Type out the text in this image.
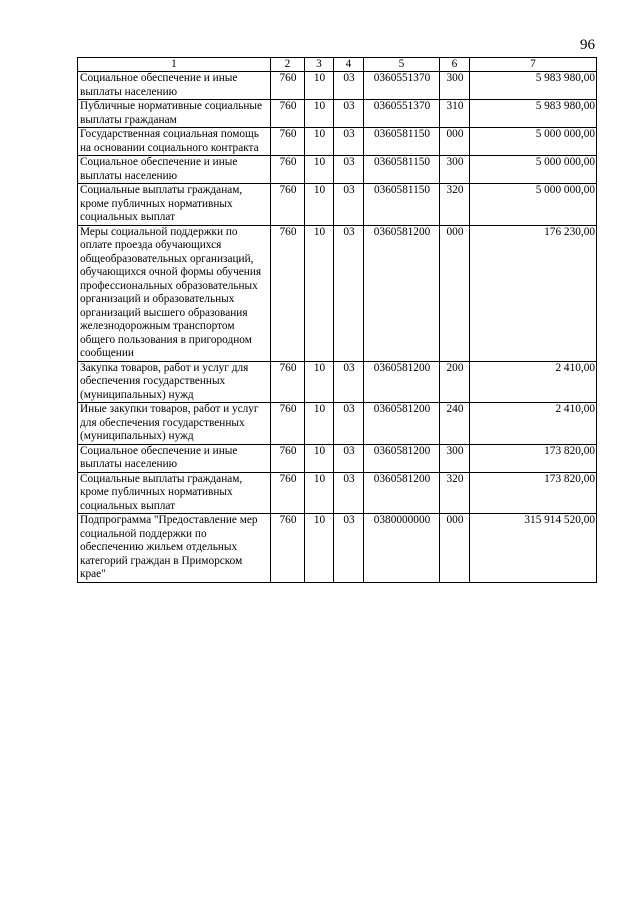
96
1	2	3	4	5	6	7
Социальное обеспечение и иные выплаты населению	760	10	03	0360551370	300	5 983 980,00
Публичные нормативные социальные выплаты гражданам	760	10	03	0360551370	310	5 983 980,00
Государственная социальная помощь на основании социального контракта	760	10	03	0360581150	000	5 000 000,00
Социальное обеспечение и иные выплаты населению	760	10	03	0360581150	300	5 000 000,00
Социальные выплаты гражданам, кроме публичных нормативных социальных выплат	760	10	03	0360581150	320	5 000 000,00
Меры социальной поддержки по оплате проезда обучающихся общеобразовательных организаций, обучающихся очной формы обучения профессиональных образовательных организаций и образовательных организаций высшего образования железнодорожным транспортом общего пользования в пригородном сообщении	760	10	03	0360581200	000	176 230,00
Закупка товаров, работ и услуг для обеспечения государственных (муниципальных) нужд	760	10	03	0360581200	200	2 410,00
Иные закупки товаров, работ и услуг для обеспечения государственных (муниципальных) нужд	760	10	03	0360581200	240	2 410,00
Социальное обеспечение и иные выплаты населению	760	10	03	0360581200	300	173 820,00
Социальные выплаты гражданам, кроме публичных нормативных социальных выплат	760	10	03	0360581200	320	173 820,00
Подпрограмма "Предоставление мер социальной поддержки по обеспечению жильем отдельных категорий граждан в Приморском крае"	760	10	03	0380000000	000	315 914 520,00
